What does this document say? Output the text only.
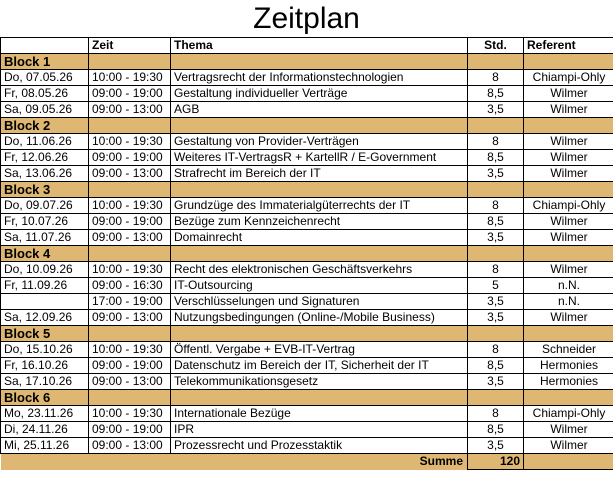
Zeitplan
	Zeit	Thema	Std.	Referent
Block 1				
Do, 07.05.26	10:00 - 19:30	Vertragsrecht der Informationstechnologien	8	Chiampi-Ohly
Fr, 08.05.26	09:00 - 19:00	Gestaltung individueller Verträge	8,5	Wilmer
Sa, 09.05.26	09:00 - 13:00	AGB	3,5	Wilmer
Block 2				
Do, 11.06.26	10:00 - 19:30	Gestaltung von Provider-Verträgen	8	Wilmer
Fr, 12.06.26	09:00 - 19:00	Weiteres IT-VertragsR + KartellR / E-Government	8,5	Wilmer
Sa, 13.06.26	09:00 - 13:00	Strafrecht im Bereich der IT	3,5	Wilmer
Block 3				
Do, 09.07.26	10:00 - 19:30	Grundzüge des Immaterialgüterrechts der IT	8	Chiampi-Ohly
Fr, 10.07.26	09:00 - 19:00	Bezüge zum Kennzeichenrecht	8,5	Wilmer
Sa, 11.07.26	09:00 - 13:00	Domainrecht	3,5	Wilmer
Block 4				
Do, 10.09.26	10:00 - 19:30	Recht des elektronischen Geschäftsverkehrs	8	Wilmer
Fr, 11.09.26	09:00 - 16:30	IT-Outsourcing	5	n.N.
	17:00 - 19:00	Verschlüsselungen und Signaturen	3,5	n.N.
Sa, 12.09.26	09:00 - 13:00	Nutzungsbedingungen (Online-/Mobile Business)	3,5	Wilmer
Block 5				
Do, 15.10.26	10:00 - 19:30	Öffentl. Vergabe + EVB-IT-Vertrag	8	Schneider
Fr, 16.10.26	09:00 - 19:00	Datenschutz im Bereich der IT, Sicherheit der IT	8,5	Hermonies
Sa, 17.10.26	09:00 - 13:00	Telekommunikationsgesetz	3,5	Hermonies
Block 6				
Mo, 23.11.26	10:00 - 19:30	Internationale Bezüge	8	Chiampi-Ohly
Di, 24.11.26	09:00 - 19:00	IPR	8,5	Wilmer
Mi, 25.11.26	09:00 - 13:00	Prozessrecht und Prozesstaktik	3,5	Wilmer
Summe			120	
